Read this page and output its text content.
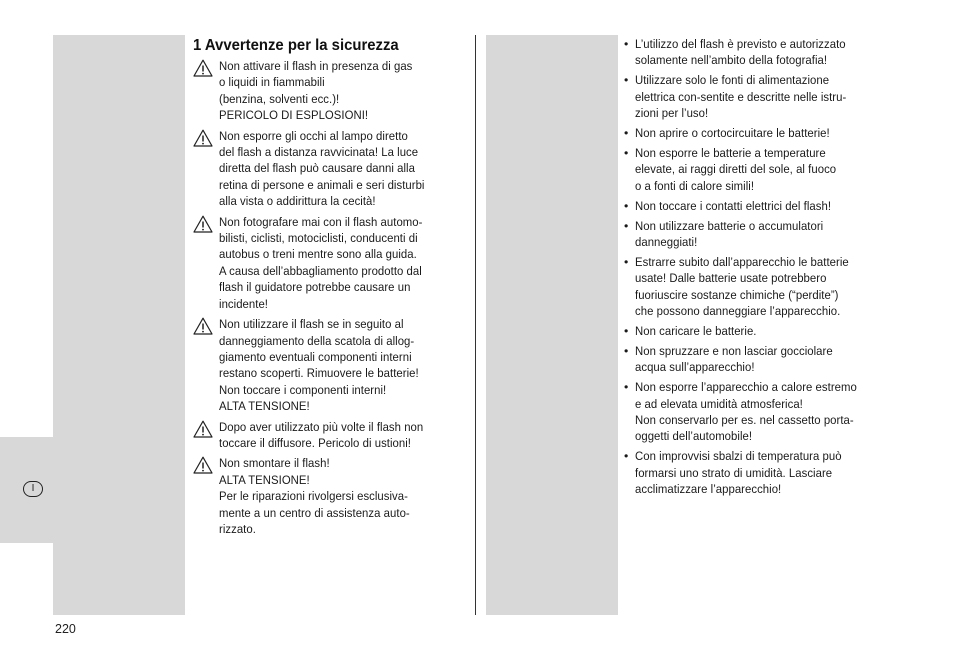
I
1 Avvertenze per la sicurezza
Non attivare il flash in presenza di gas
o liquidi in fiammabili
(benzina, solventi ecc.)!
PERICOLO DI ESPLOSIONI!
Non esporre gli occhi al lampo diretto
del flash a distanza ravvicinata! La luce
diretta del flash può causare danni alla
retina di persone e animali e seri disturbi
alla vista o addirittura la cecità!
Non fotografare mai con il flash automo-
bilisti, ciclisti, motociclisti, conducenti di
autobus o treni mentre sono alla guida.
A causa dell’abbagliamento prodotto dal
flash il guidatore potrebbe causare un
incidente!
Non utilizzare il flash se in seguito al
danneggiamento della scatola di allog-
giamento eventuali componenti interni
restano scoperti. Rimuovere le batterie!
Non toccare i componenti interni!
ALTA TENSIONE!
Dopo aver utilizzato più volte il flash non
toccare il diffusore. Pericolo di ustioni!
Non smontare il flash!
ALTA TENSIONE!
Per le riparazioni rivolgersi esclusiva-
mente a un centro di assistenza auto-
rizzato.
• L’utilizzo del flash è previsto e autorizzato
solamente nell’ambito della fotografia!
• Utilizzare solo le fonti di alimentazione
elettrica con-sentite e descritte nelle istru-
zioni per l’uso!
• Non aprire o cortocircuitare le batterie!
• Non esporre le batterie a temperature
elevate, ai raggi diretti del sole, al fuoco
o a fonti di calore simili!
• Non toccare i contatti elettrici del flash!
• Non utilizzare batterie o accumulatori
danneggiati!
• Estrarre subito dall’apparecchio le batterie
usate! Dalle batterie usate potrebbero
fuoriuscire sostanze chimiche (“perdite”)
che possono danneggiare l’apparecchio.
• Non caricare le batterie.
• Non spruzzare e non lasciar gocciolare
acqua sull’apparecchio!
• Non esporre l’apparecchio a calore estremo
e ad elevata umidità atmosferica!
Non conservarlo per es. nel cassetto porta-
oggetti dell’automobile!
• Con improvvisi sbalzi di temperatura può
formarsi uno strato di umidità. Lasciare
acclimatizzare l’apparecchio!
220
